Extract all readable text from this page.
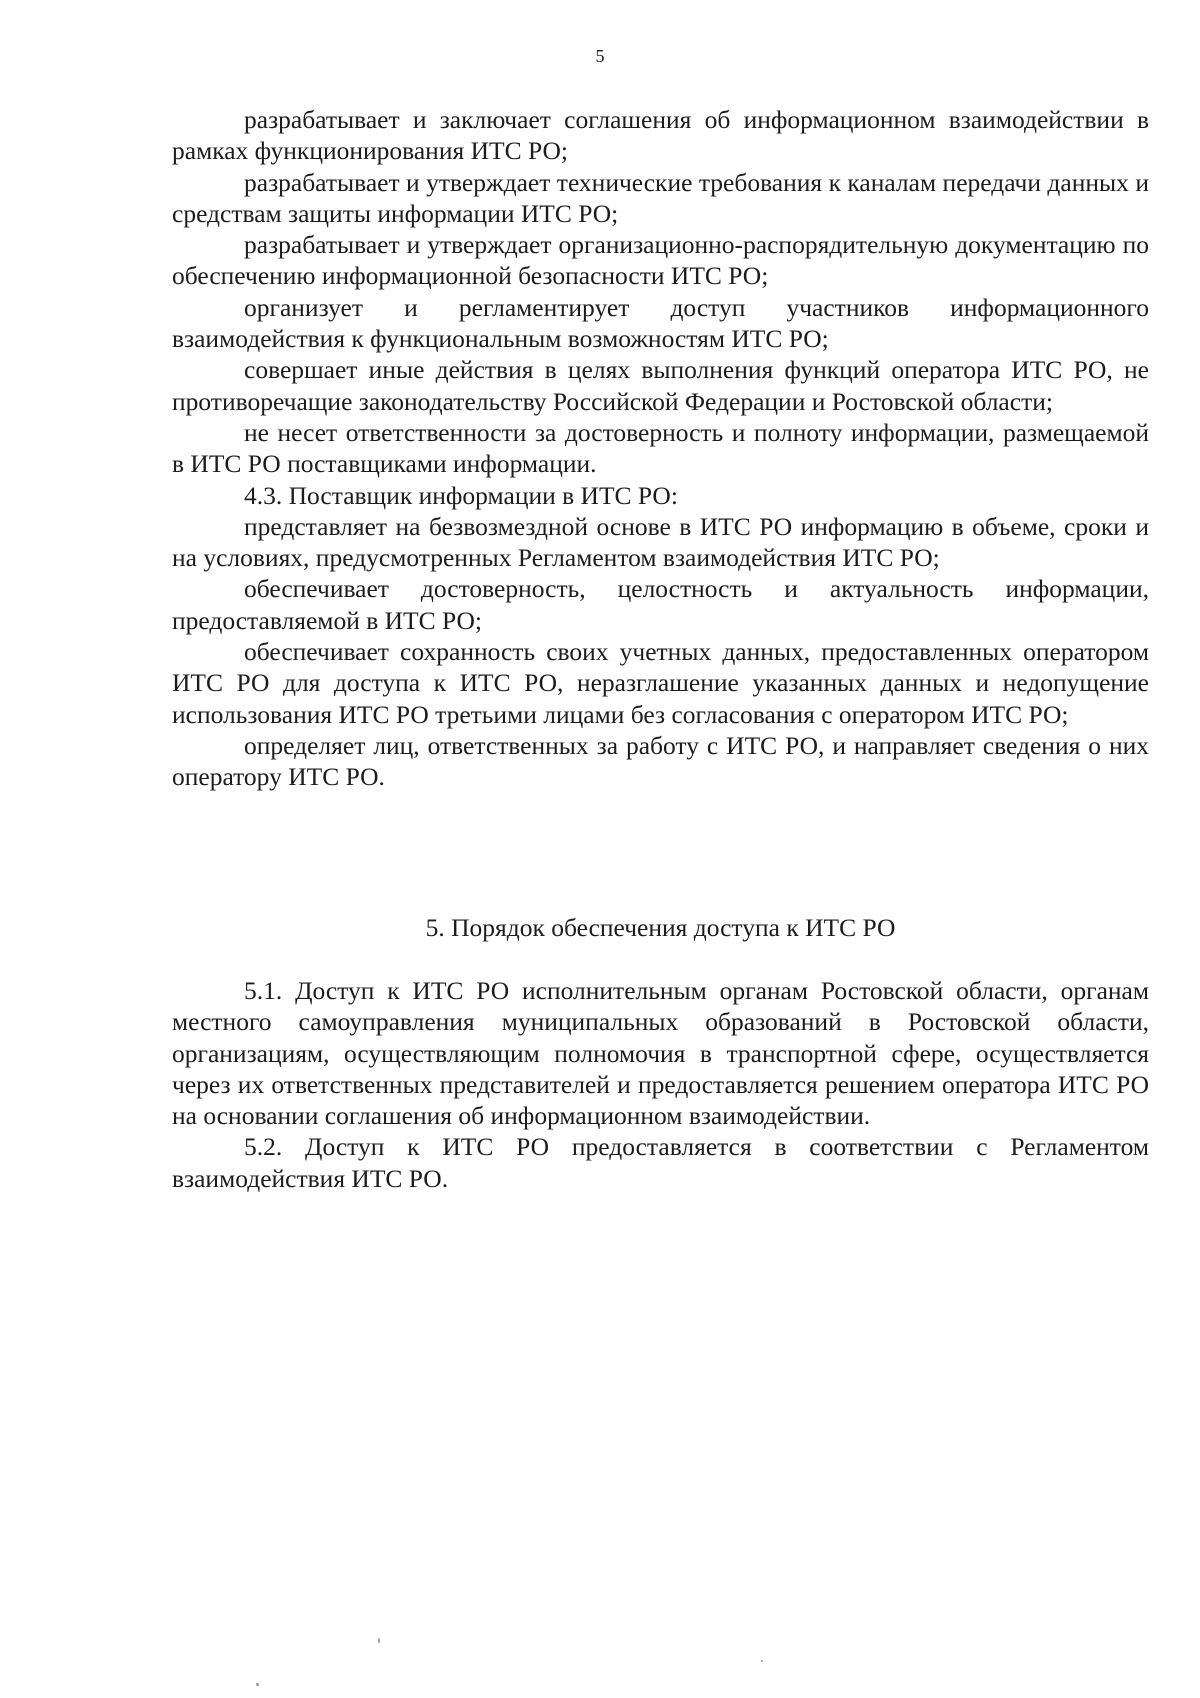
5

разрабатывает и заключает соглашения об информационном взаимодействии в рамках функционирования ИТС РО;

разрабатывает и утверждает технические требования к каналам передачи данных и средствам защиты информации ИТС РО;

разрабатывает и утверждает организационно-распорядительную документацию по обеспечению информационной безопасности ИТС РО;

организует и регламентирует доступ участников информационного взаимодействия к функциональным возможностям ИТС РО;

совершает иные действия в целях выполнения функций оператора ИТС РО, не противоречащие законодательству Российской Федерации и Ростовской области;

не несет ответственности за достоверность и полноту информации, размещаемой в ИТС РО поставщиками информации.

4.3. Поставщик информации в ИТС РО:

представляет на безвозмездной основе в ИТС РО информацию в объеме, сроки и на условиях, предусмотренных Регламентом взаимодействия ИТС РО;

обеспечивает достоверность, целостность и актуальность информации, предоставляемой в ИТС РО;

обеспечивает сохранность своих учетных данных, предоставленных оператором ИТС РО для доступа к ИТС РО, неразглашение указанных данных и недопущение использования ИТС РО третьими лицами без согласования с оператором ИТС РО;

определяет лиц, ответственных за работу с ИТС РО, и направляет сведения о них оператору ИТС РО.

5. Порядок обеспечения доступа к ИТС РО

5.1. Доступ к ИТС РО исполнительным органам Ростовской области, органам местного самоуправления муниципальных образований в Ростовской области, организациям, осуществляющим полномочия в транспортной сфере, осуществляется через их ответственных представителей и предоставляется решением оператора ИТС РО на основании соглашения об информационном взаимодействии.

5.2. Доступ к ИТС РО предоставляется в соответствии с Регламентом взаимодействия ИТС РО.
